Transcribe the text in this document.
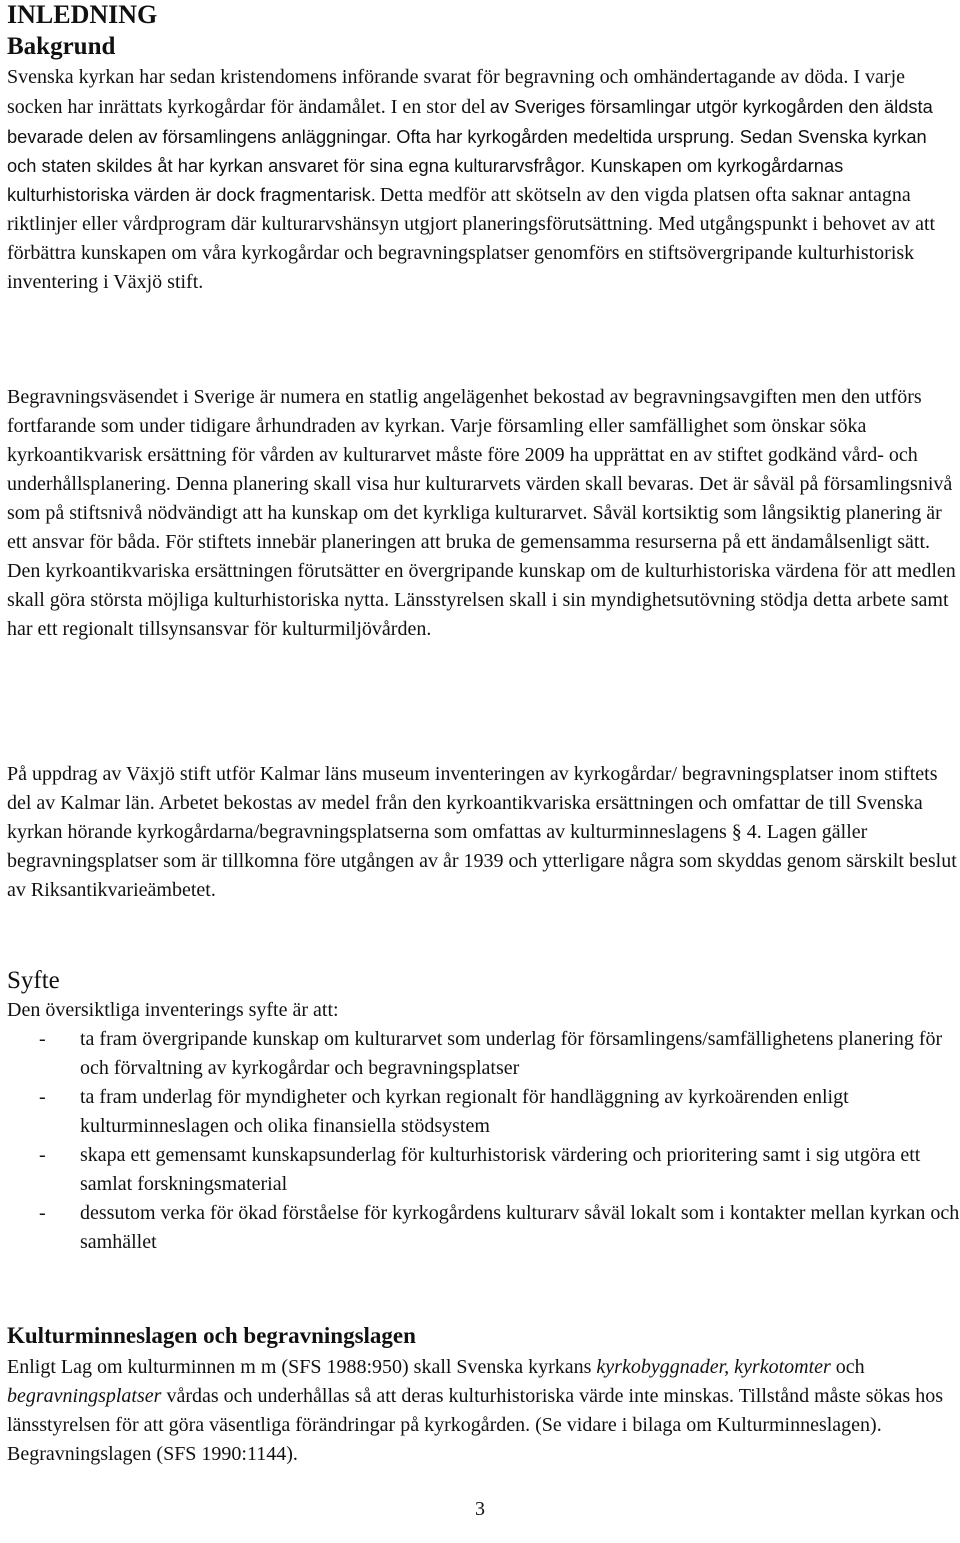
INLEDNING
Bakgrund
Svenska kyrkan har sedan kristendomens införande svarat för begravning och omhändertagande av döda. I varje socken har inrättats kyrkogårdar för ändamålet. I en stor del av Sveriges församlingar utgör kyrkogården den äldsta bevarade delen av församlingens anläggningar. Ofta har kyrkogården medeltida ursprung. Sedan Svenska kyrkan och staten skildes åt har kyrkan ansvaret för sina egna kulturarvsfrågor. Kunskapen om kyrkogårdarnas kulturhistoriska värden är dock fragmentarisk. Detta medför att skötseln av den vigda platsen ofta saknar antagna riktlinjer eller vårdprogram där kulturarvshänsyn utgjort planeringsförutsättning. Med utgångspunkt i behovet av att förbättra kunskapen om våra kyrkogårdar och begravningsplatser genomförs en stiftsövergripande kulturhistorisk inventering i Växjö stift.
Begravningsväsendet i Sverige är numera en statlig angelägenhet bekostad av begravningsavgiften men den utförs fortfarande som under tidigare århundraden av kyrkan. Varje församling eller samfällighet som önskar söka kyrkoantikvarisk ersättning för vården av kulturarvet måste före 2009 ha upprättat en av stiftet godkänd vård- och underhållsplanering. Denna planering skall visa hur kulturarvets värden skall bevaras. Det är såväl på församlingsnivå som på stiftsnivå nödvändigt att ha kunskap om det kyrkliga kulturarvet. Såväl kortsiktig som långsiktig planering är ett ansvar för båda. För stiftets innebär planeringen att bruka de gemensamma resurserna på ett ändamålsenligt sätt. Den kyrkoantikvariska ersättningen förutsätter en övergripande kunskap om de kulturhistoriska värdena för att medlen skall göra största möjliga kulturhistoriska nytta. Länsstyrelsen skall i sin myndighetsutövning stödja detta arbete samt har ett regionalt tillsynsansvar för kulturmiljövården.
På uppdrag av Växjö stift utför Kalmar läns museum inventeringen av kyrkogårdar/ begravningsplatser inom stiftets del av Kalmar län. Arbetet bekostas av medel från den kyrkoantikvariska ersättningen och omfattar de till Svenska kyrkan hörande kyrkogårdarna/begravningsplatserna som omfattas av kulturminneslagens § 4. Lagen gäller begravningsplatser som är tillkomna före utgången av år 1939 och ytterligare några som skyddas genom särskilt beslut av Riksantikvarieämbetet.
Syfte
Den översiktliga inventerings syfte är att:
- ta fram övergripande kunskap om kulturarvet som underlag för församlingens/samfällighetens planering för och förvaltning av kyrkogårdar och begravningsplatser
- ta fram underlag för myndigheter och kyrkan regionalt för handläggning av kyrkoärenden enligt kulturminneslagen och olika finansiella stödsystem
- skapa ett gemensamt kunskapsunderlag för kulturhistorisk värdering och prioritering samt i sig utgöra ett samlat forskningsmaterial
- dessutom verka för ökad förståelse för kyrkogårdens kulturarv såväl lokalt som i kontakter mellan kyrkan och samhället
Kulturminneslagen och begravningslagen
Enligt Lag om kulturminnen m m (SFS 1988:950) skall Svenska kyrkans kyrkobyggnader, kyrkotomter och begravningsplatser vårdas och underhållas så att deras kulturhistoriska värde inte minskas. Tillstånd måste sökas hos länsstyrelsen för att göra väsentliga förändringar på kyrkogården. (Se vidare i bilaga om Kulturminneslagen). Begravningslagen (SFS 1990:1144).
3
